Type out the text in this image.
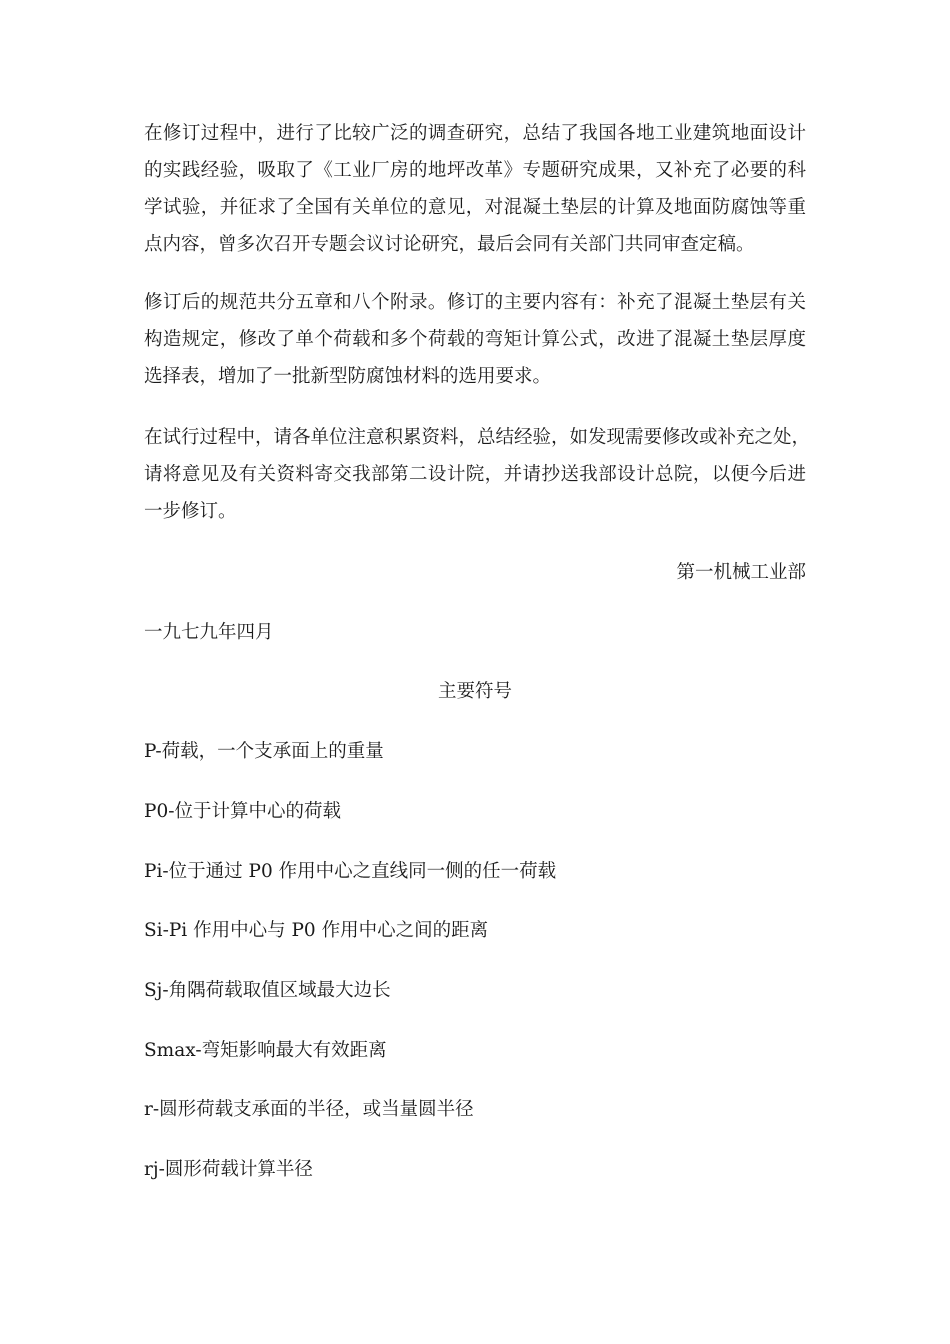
在修订过程中，进行了比较广泛的调查研究，总结了我国各地工业建筑地面设计
的实践经验，吸取了《工业厂房的地坪改革》专题研究成果，又补充了必要的科
学试验，并征求了全国有关单位的意见，对混凝土垫层的计算及地面防腐蚀等重
点内容，曾多次召开专题会议讨论研究，最后会同有关部门共同审查定稿。

修订后的规范共分五章和八个附录。修订的主要内容有：补充了混凝土垫层有关
构造规定，修改了单个荷载和多个荷载的弯矩计算公式，改进了混凝土垫层厚度
选择表，增加了一批新型防腐蚀材料的选用要求。

在试行过程中，请各单位注意积累资料，总结经验，如发现需要修改或补充之处，
请将意见及有关资料寄交我部第二设计院，并请抄送我部设计总院，以便今后进
一步修订。

第一机械工业部
一九七九年四月
主要符号
P-荷载，一个支承面上的重量
P0-位于计算中心的荷载
Pi-位于通过 P0 作用中心之直线同一侧的任一荷载
Si-Pi 作用中心与 P0 作用中心之间的距离
Sj-角隅荷载取值区域最大边长
Smax-弯矩影响最大有效距离
r-圆形荷载支承面的半径，或当量圆半径
rj-圆形荷载计算半径
